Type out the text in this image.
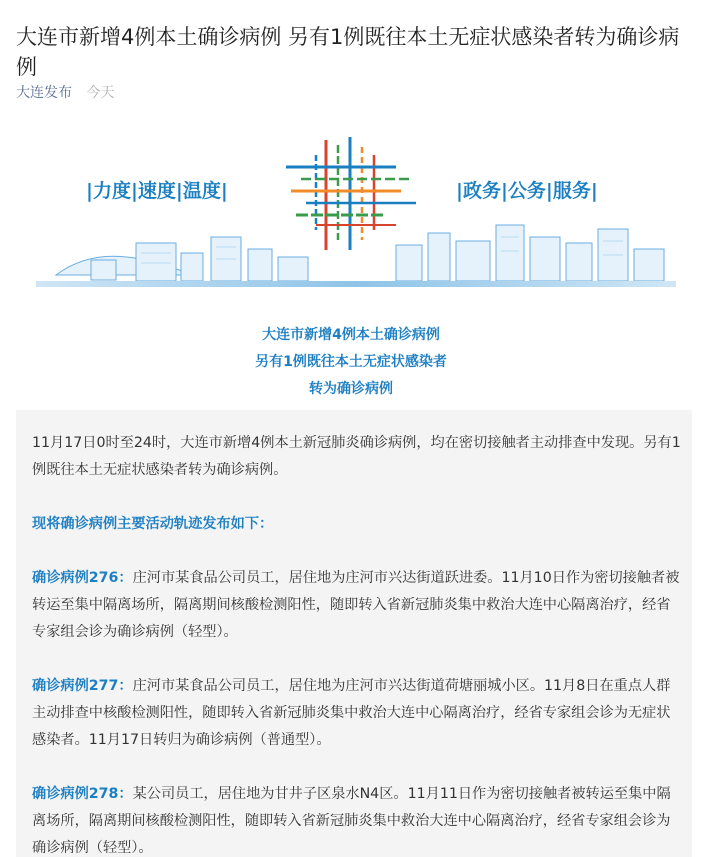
大连市新增4例本土确诊病例 另有1例既往本土无症状感染者转为确诊病例
大连发布 今天
|力度|速度|温度|	|政务|公务|服务|
大连市新增4例本土确诊病例
另有1例既往本土无症状感染者
转为确诊病例

11月17日0时至24时，大连市新增4例本土新冠肺炎确诊病例，均在密切接触者主动排查中发现。另有1例既往本土无症状感染者转为确诊病例。

现将确诊病例主要活动轨迹发布如下：

确诊病例276：庄河市某食品公司员工，居住地为庄河市兴达街道跃进委。11月10日作为密切接触者被转运至集中隔离场所，隔离期间核酸检测阳性，随即转入省新冠肺炎集中救治大连中心隔离治疗，经省专家组会诊为确诊病例（轻型）。

确诊病例277：庄河市某食品公司员工，居住地为庄河市兴达街道荷塘丽城小区。11月8日在重点人群主动排查中核酸检测阳性，随即转入省新冠肺炎集中救治大连中心隔离治疗，经省专家组会诊为无症状感染者。11月17日转归为确诊病例（普通型）。

确诊病例278：某公司员工，居住地为甘井子区泉水N4区。11月11日作为密切接触者被转运至集中隔离场所，隔离期间核酸检测阳性，随即转入省新冠肺炎集中救治大连中心隔离治疗，经省专家组会诊为确诊病例（轻型）。
